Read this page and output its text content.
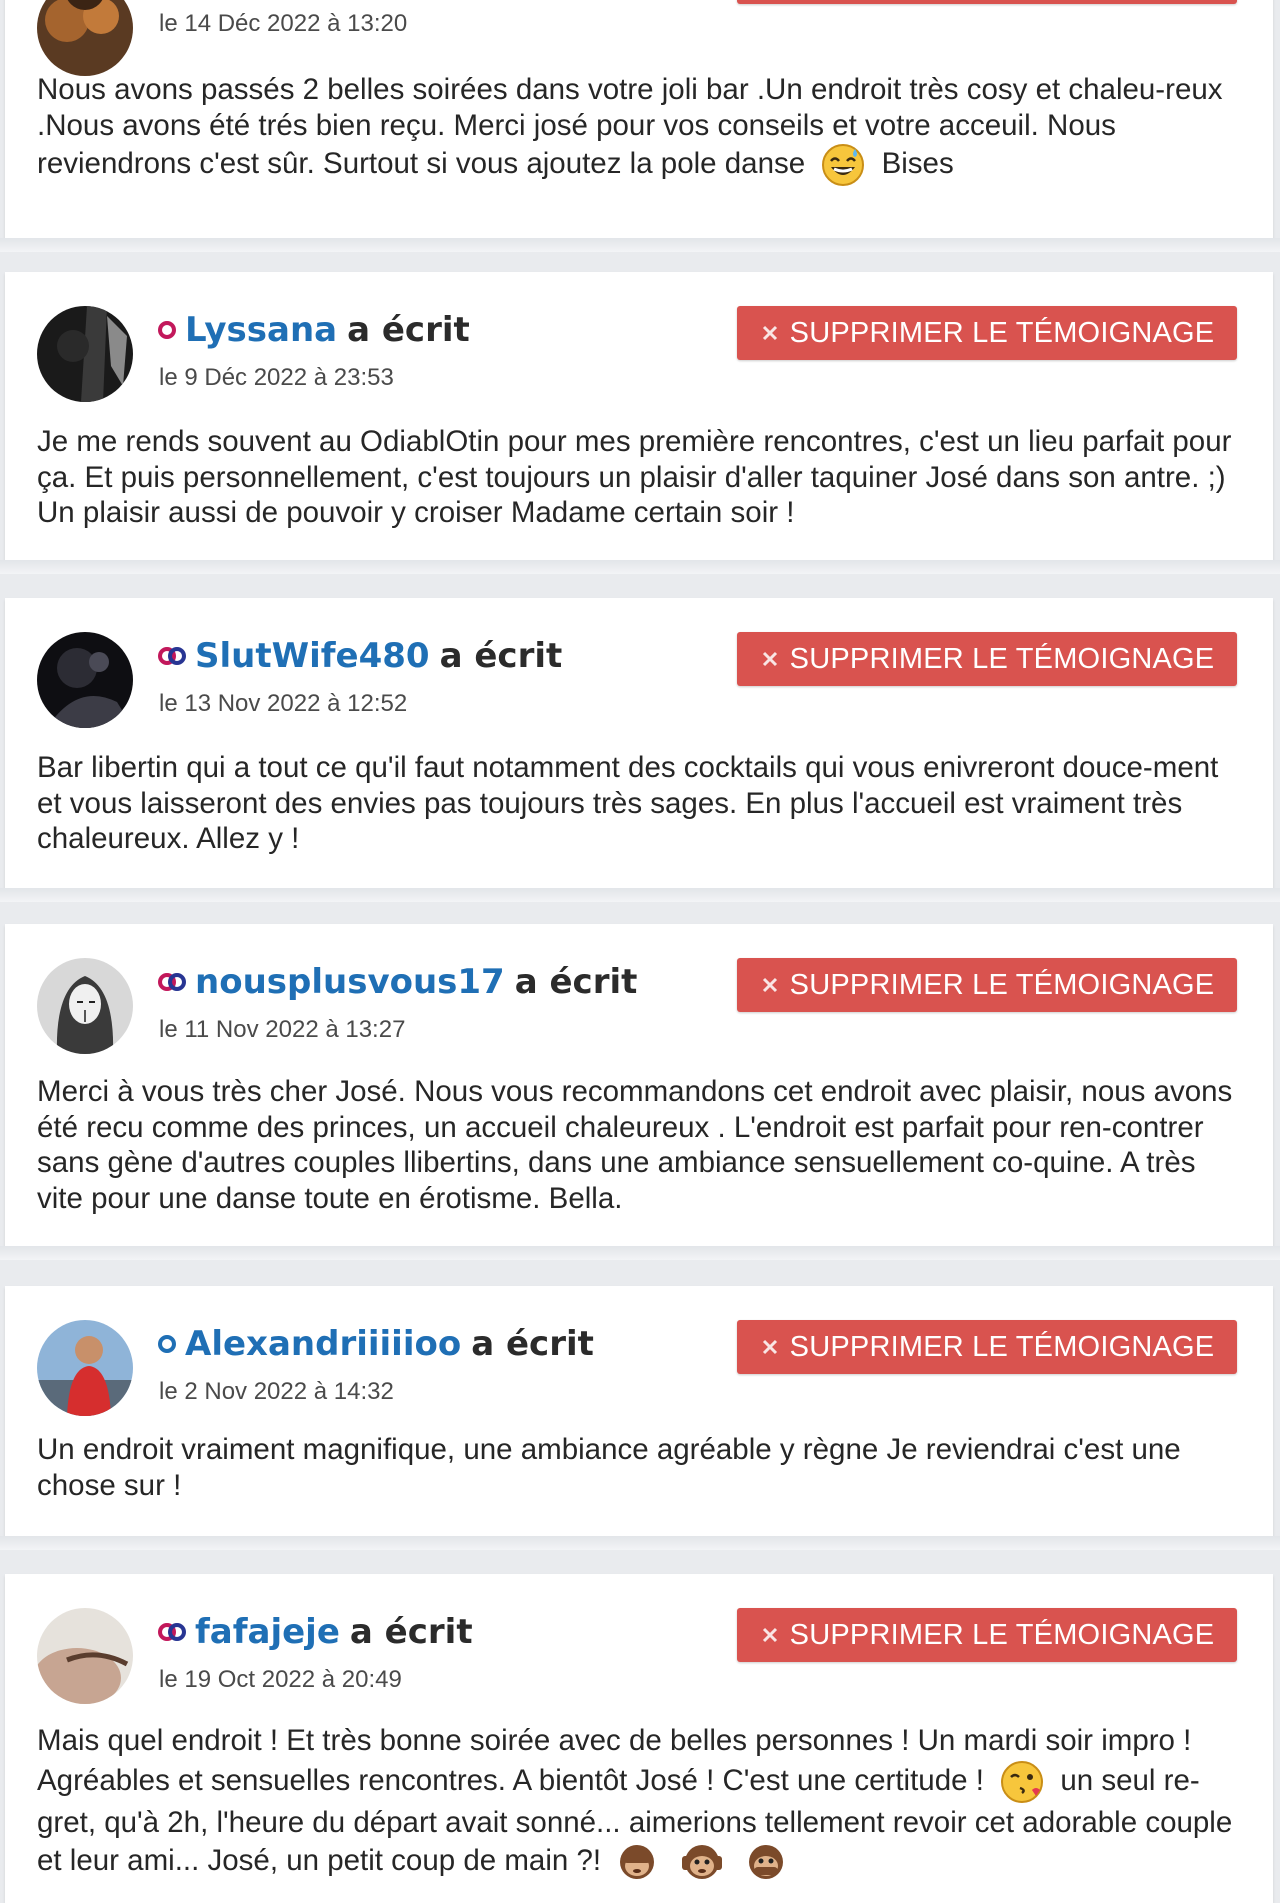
le 14 Déc 2022 à 13:20
Nous avons passés 2 belles soirées dans votre joli bar .Un endroit très cosy et chaleu-reux .Nous avons été trés bien reçu. Merci josé pour vos conseils et votre acceuil. Nous reviendrons c'est sûr. Surtout si vous ajoutez la pole danse	Bises
Lyssana a écrit
le 9 Déc 2022 à 23:53
SUPPRIMER LE TÉMOIGNAGE
Je me rends souvent au OdiablOtin pour mes première rencontres, c'est un lieu parfait pour ça. Et puis personnellement, c'est toujours un plaisir d'aller taquiner José dans son antre. ;) Un plaisir aussi de pouvoir y croiser Madame certain soir !
SlutWife480 a écrit
le 13 Nov 2022 à 12:52
SUPPRIMER LE TÉMOIGNAGE
Bar libertin qui a tout ce qu'il faut notamment des cocktails qui vous enivreront douce-ment et vous laisseront des envies pas toujours très sages. En plus l'accueil est vraiment très chaleureux. Allez y !
nousplusvous17 a écrit
le 11 Nov 2022 à 13:27
SUPPRIMER LE TÉMOIGNAGE
Merci à vous très cher José. Nous vous recommandons cet endroit avec plaisir, nous avons été recu comme des princes, un accueil chaleureux . L'endroit est parfait pour ren-contrer sans gène d'autres couples llibertins, dans une ambiance sensuellement co-quine. A très vite pour une danse toute en érotisme. Bella.
Alexandriiiiioo a écrit
le 2 Nov 2022 à 14:32
SUPPRIMER LE TÉMOIGNAGE
Un endroit vraiment magnifique, une ambiance agréable y règne Je reviendrai c'est une chose sur !
fafajeje a écrit
le 19 Oct 2022 à 20:49
SUPPRIMER LE TÉMOIGNAGE
Mais quel endroit ! Et très bonne soirée avec de belles personnes ! Un mardi soir impro ! Agréables et sensuelles rencontres. A bientôt José ! C'est une certitude !	un seul re-gret, qu'à 2h, l'heure du départ avait sonné... aimerions tellement revoir cet adorable couple et leur ami... José, un petit coup de main ?!
